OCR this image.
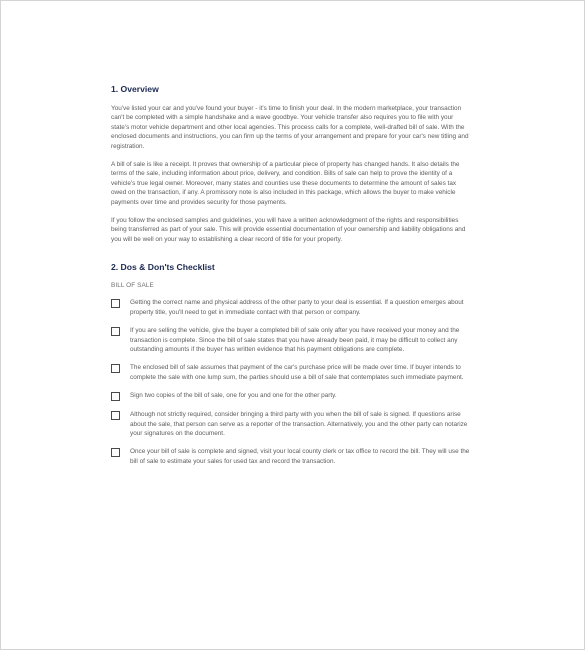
1. Overview

You've listed your car and you've found your buyer - it's time to finish your deal. In the modern marketplace, your transaction can't be completed with a simple handshake and a wave goodbye. Your vehicle transfer also requires you to file with your state's motor vehicle department and other local agencies. This process calls for a complete, well-drafted bill of sale. With the enclosed documents and instructions, you can firm up the terms of your arrangement and prepare for your car's new titling and registration.

A bill of sale is like a receipt. It proves that ownership of a particular piece of property has changed hands. It also details the terms of the sale, including information about price, delivery, and condition. Bills of sale can help to prove the identity of a vehicle's true legal owner. Moreover, many states and counties use these documents to determine the amount of sales tax owed on the transaction, if any. A promissory note is also included in this package, which allows the buyer to make vehicle payments over time and provides security for those payments.

If you follow the enclosed samples and guidelines, you will have a written acknowledgment of the rights and responsibilities being transferred as part of your sale. This will provide essential documentation of your ownership and liability obligations and you will be well on your way to establishing a clear record of title for your property.

2. Dos & Don'ts Checklist
BILL OF SALE
Getting the correct name and physical address of the other party to your deal is essential. If a question emerges about property title, you'll need to get in immediate contact with that person or company.
If you are selling the vehicle, give the buyer a completed bill of sale only after you have received your money and the transaction is complete. Since the bill of sale states that you have already been paid, it may be difficult to collect any outstanding amounts if the buyer has written evidence that his payment obligations are complete.
The enclosed bill of sale assumes that payment of the car's purchase price will be made over time. If buyer intends to complete the sale with one lump sum, the parties should use a bill of sale that contemplates such immediate payment.
Sign two copies of the bill of sale, one for you and one for the other party.
Although not strictly required, consider bringing a third party with you when the bill of sale is signed. If questions arise about the sale, that person can serve as a reporter of the transaction. Alternatively, you and the other party can notarize your signatures on the document.
Once your bill of sale is complete and signed, visit your local county clerk or tax office to record the bill. They will use the bill of sale to estimate your sales for used tax and record the transaction.
